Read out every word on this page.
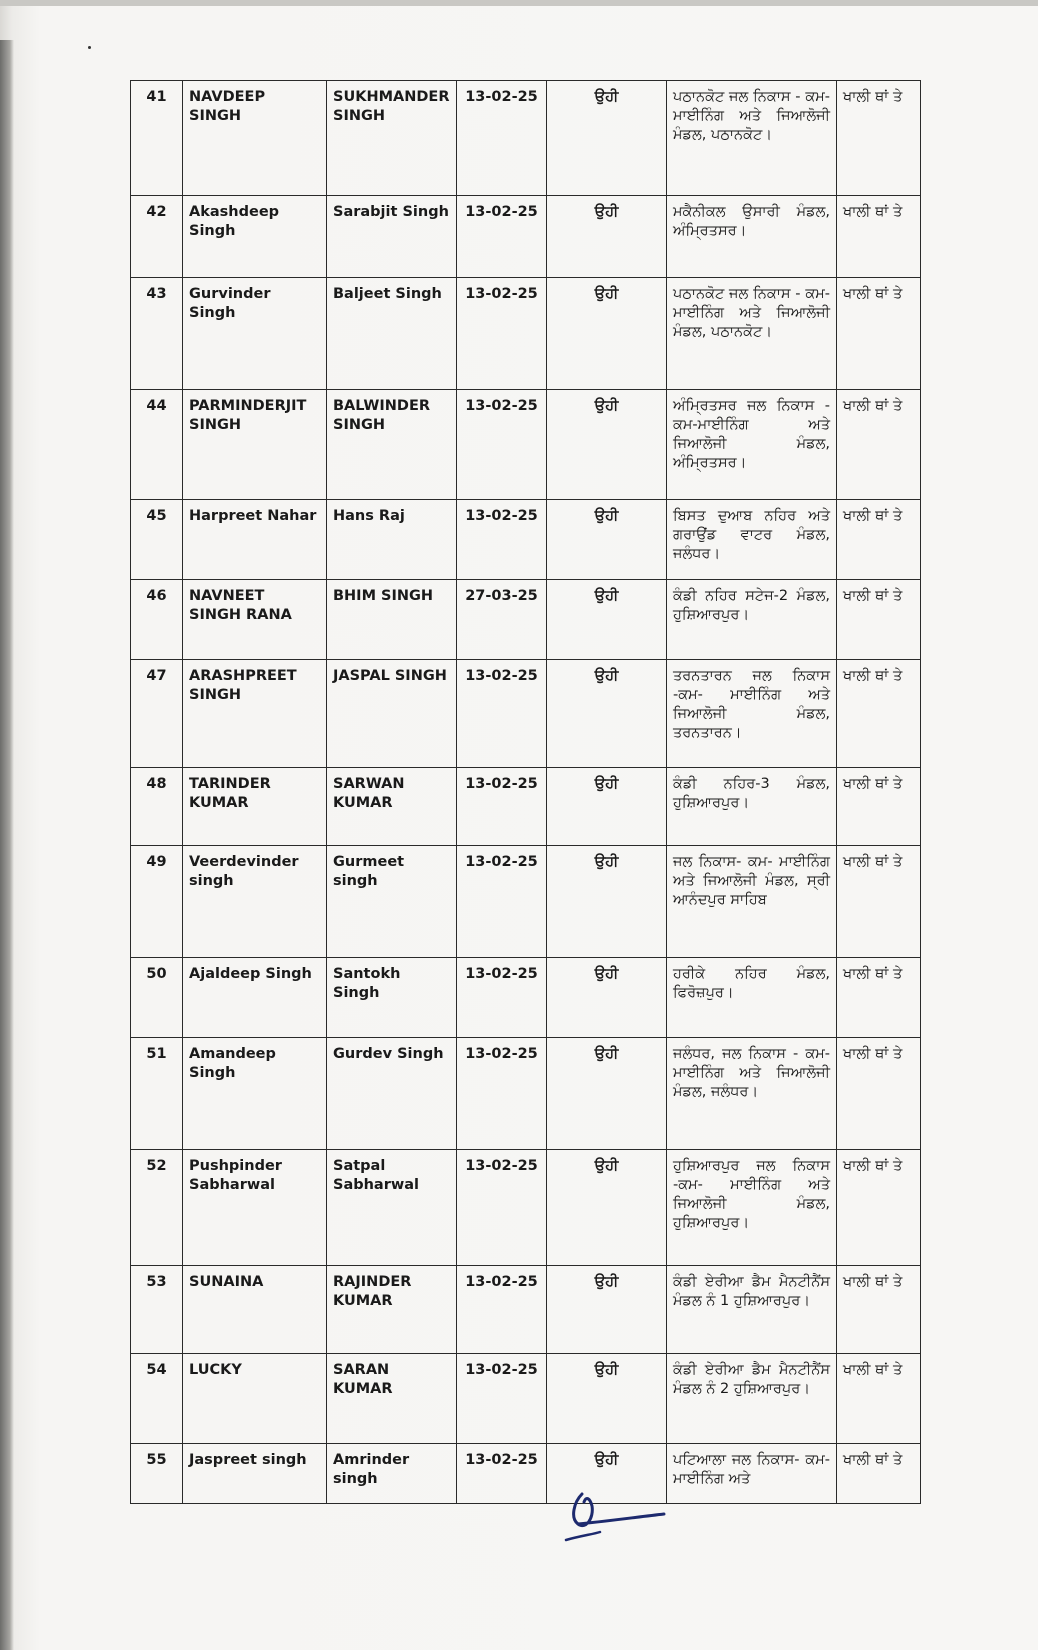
41	NAVDEEP SINGH	SUKHMANDER SINGH	13-02-25	ਉਹੀ	ਪਠਾਨਕੋਟ ਜਲ ਨਿਕਾਸ - ਕਮ- ਮਾਈਨਿੰਗ ਅਤੇ ਜਿਆਲੋਜੀ ਮੰਡਲ, ਪਠਾਨਕੋਟ।	ਖਾਲੀ ਥਾਂ ਤੇ
42	Akashdeep Singh	Sarabjit Singh	13-02-25	ਉਹੀ	ਮਕੈਨੀਕਲ ਉਸਾਰੀ ਮੰਡਲ, ਅੰਮ੍ਰਿਤਸਰ।	ਖਾਲੀ ਥਾਂ ਤੇ
43	Gurvinder Singh	Baljeet Singh	13-02-25	ਉਹੀ	ਪਠਾਨਕੋਟ ਜਲ ਨਿਕਾਸ - ਕਮ- ਮਾਈਨਿੰਗ ਅਤੇ ਜਿਆਲੋਜੀ ਮੰਡਲ, ਪਠਾਨਕੋਟ।	ਖਾਲੀ ਥਾਂ ਤੇ
44	PARMINDERJIT SINGH	BALWINDER SINGH	13-02-25	ਉਹੀ	ਅੰਮ੍ਰਿਤਸਰ ਜਲ ਨਿਕਾਸ - ਕਮ-ਮਾਈਨਿੰਗ ਅਤੇ ਜਿਆਲੋਜੀ ਮੰਡਲ, ਅੰਮ੍ਰਿਤਸਰ।	ਖਾਲੀ ਥਾਂ ਤੇ
45	Harpreet Nahar	Hans Raj	13-02-25	ਉਹੀ	ਬਿਸਤ ਦੁਆਬ ਨਹਿਰ ਅਤੇ ਗਰਾਉਂਡ ਵਾਟਰ ਮੰਡਲ, ਜਲੰਧਰ।	ਖਾਲੀ ਥਾਂ ਤੇ
46	NAVNEET SINGH RANA	BHIM SINGH	27-03-25	ਉਹੀ	ਕੰਡੀ ਨਹਿਰ ਸਟੇਜ-2 ਮੰਡਲ, ਹੁਸ਼ਿਆਰਪੁਰ।	ਖਾਲੀ ਥਾਂ ਤੇ
47	ARASHPREET SINGH	JASPAL SINGH	13-02-25	ਉਹੀ	ਤਰਨਤਾਰਨ ਜਲ ਨਿਕਾਸ -ਕਮ- ਮਾਈਨਿੰਗ ਅਤੇ ਜਿਆਲੋਜੀ ਮੰਡਲ, ਤਰਨਤਾਰਨ।	ਖਾਲੀ ਥਾਂ ਤੇ
48	TARINDER KUMAR	SARWAN KUMAR	13-02-25	ਉਹੀ	ਕੰਡੀ ਨਹਿਰ-3 ਮੰਡਲ, ਹੁਸ਼ਿਆਰਪੁਰ।	ਖਾਲੀ ਥਾਂ ਤੇ
49	Veerdevinder singh	Gurmeet singh	13-02-25	ਉਹੀ	ਜਲ ਨਿਕਾਸ- ਕਮ- ਮਾਈਨਿੰਗ ਅਤੇ ਜਿਆਲੋਜੀ ਮੰਡਲ, ਸ੍ਰੀ ਆਨੰਦਪੁਰ ਸਾਹਿਬ	ਖਾਲੀ ਥਾਂ ਤੇ
50	Ajaldeep Singh	Santokh Singh	13-02-25	ਉਹੀ	ਹਰੀਕੇ ਨਹਿਰ ਮੰਡਲ, ਫਿਰੋਜ਼ਪੁਰ।	ਖਾਲੀ ਥਾਂ ਤੇ
51	Amandeep Singh	Gurdev Singh	13-02-25	ਉਹੀ	ਜਲੰਧਰ, ਜਲ ਨਿਕਾਸ - ਕਮ- ਮਾਈਨਿੰਗ ਅਤੇ ਜਿਆਲੋਜੀ ਮੰਡਲ, ਜਲੰਧਰ।	ਖਾਲੀ ਥਾਂ ਤੇ
52	Pushpinder Sabharwal	Satpal Sabharwal	13-02-25	ਉਹੀ	ਹੁਸ਼ਿਆਰਪੁਰ ਜਲ ਨਿਕਾਸ -ਕਮ- ਮਾਈਨਿੰਗ ਅਤੇ ਜਿਆਲੋਜੀ ਮੰਡਲ, ਹੁਸ਼ਿਆਰਪੁਰ।	ਖਾਲੀ ਥਾਂ ਤੇ
53	SUNAINA	RAJINDER KUMAR	13-02-25	ਉਹੀ	ਕੰਡੀ ਏਰੀਆ ਡੈਮ ਮੈਨਟੀਨੈਂਸ ਮੰਡਲ ਨੰ 1 ਹੁਸ਼ਿਆਰਪੁਰ।	ਖਾਲੀ ਥਾਂ ਤੇ
54	LUCKY	SARAN KUMAR	13-02-25	ਉਹੀ	ਕੰਡੀ ਏਰੀਆ ਡੈਮ ਮੈਨਟੀਨੈਂਸ ਮੰਡਲ ਨੰ 2 ਹੁਸ਼ਿਆਰਪੁਰ।	ਖਾਲੀ ਥਾਂ ਤੇ
55	Jaspreet singh	Amrinder singh	13-02-25	ਉਹੀ	ਪਟਿਆਲਾ ਜਲ ਨਿਕਾਸ- ਕਮ-ਮਾਈਨਿੰਗ ਅਤੇ	ਖਾਲੀ ਥਾਂ ਤੇ
